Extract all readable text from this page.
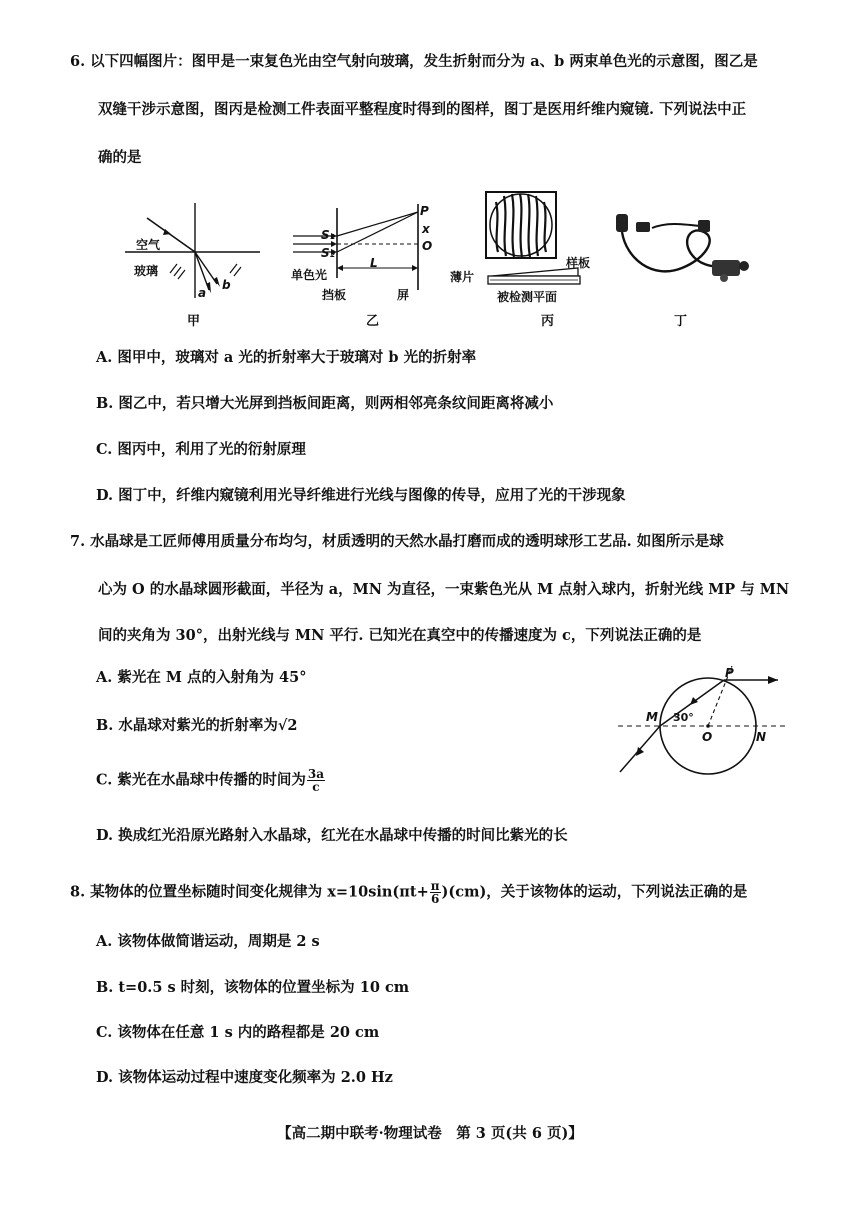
6. 以下四幅图片：图甲是一束复色光由空气射向玻璃，发生折射而分为 a、b 两束单色光的示意图，图乙是
双缝干涉示意图，图丙是检测工件表面平整程度时得到的图样，图丁是医用纤维内窥镜. 下列说法中正
确的是
空气
玻璃
a
b
甲
P
x
O
S₁
S₂
L
单色光
挡板	屏
乙
薄片
样板
被检测平面
丙	丁
A. 图甲中，玻璃对 a 光的折射率大于玻璃对 b 光的折射率
B. 图乙中，若只增大光屏到挡板间距离，则两相邻亮条纹间距离将减小
C. 图丙中，利用了光的衍射原理
D. 图丁中，纤维内窥镜利用光导纤维进行光线与图像的传导，应用了光的干涉现象
7. 水晶球是工匠师傅用质量分布均匀，材质透明的天然水晶打磨而成的透明球形工艺品. 如图所示是球
心为 O 的水晶球圆形截面，半径为 a，MN 为直径，一束紫色光从 M 点射入球内，折射光线 MP 与 MN
间的夹角为 30°，出射光线与 MN 平行. 已知光在真空中的传播速度为 c，下列说法正确的是
A. 紫光在 M 点的入射角为 45°
B. 水晶球对紫光的折射率为√2
C. 紫光在水晶球中传播的时间为 $\frac{3a}{c}$
D. 换成红光沿原光路射入水晶球，红光在水晶球中传播的时间比紫光的长
M
P
O	N
30°
8. 某物体的位置坐标随时间变化规律为 $x=10\sin(\pi t+ \frac{\pi}{6} )(cm)$，关于该物体的运动，下列说法正确的是
A. 该物体做简谐运动，周期是 2 s
B. t=0.5 s 时刻，该物体的位置坐标为 10 cm
C. 该物体在任意 1 s 内的路程都是 20 cm
D. 该物体运动过程中速度变化频率为 2.0 Hz
【高二期中联考·物理试卷　第 3 页(共 6 页)】
